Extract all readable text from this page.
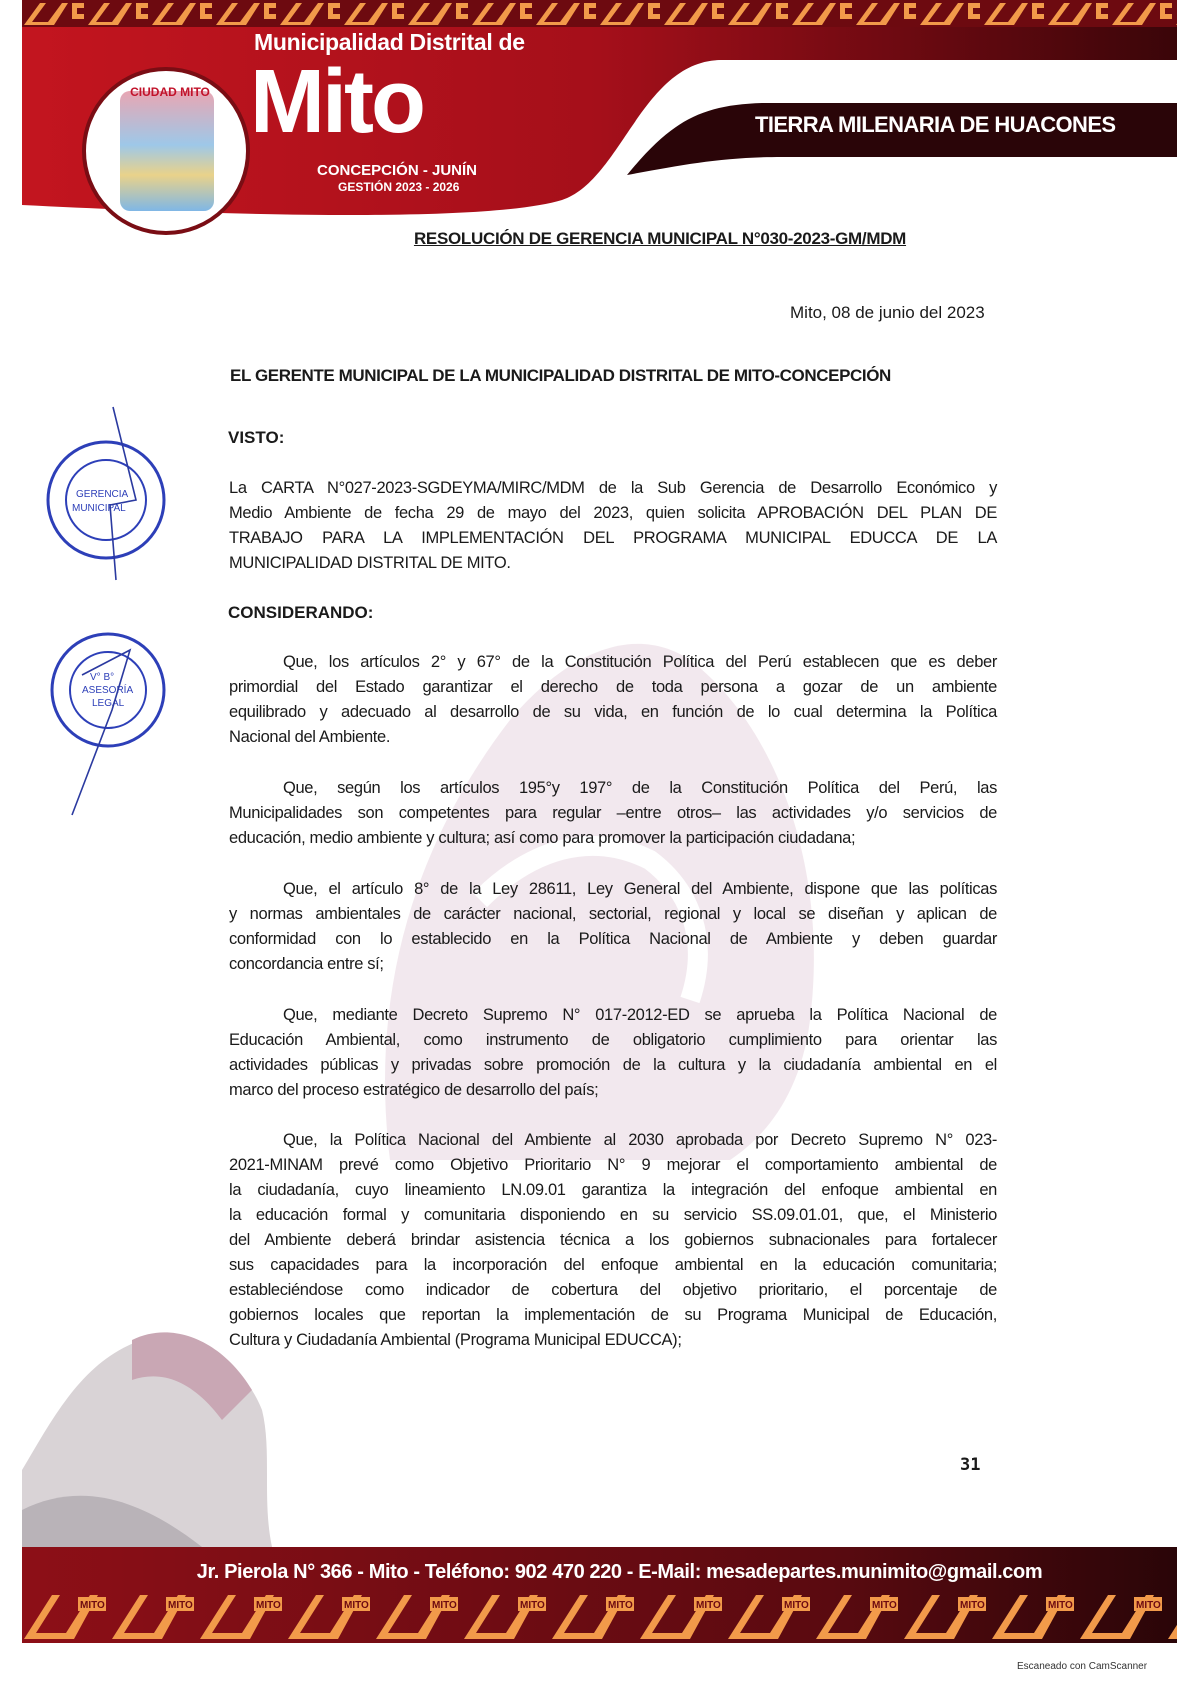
CIUDAD MITO
Municipalidad Distrital de
Mito
CONCEPCIÓN - JUNÍN
GESTIÓN 2023 - 2026
TIERRA MILENARIA DE HUACONES
RESOLUCIÓN DE GERENCIA MUNICIPAL N°030-2023-GM/MDM
Mito, 08 de junio del 2023
EL GERENTE MUNICIPAL DE LA MUNICIPALIDAD DISTRITAL DE MITO-CONCEPCIÓN
VISTO:
La CARTA N°027-2023-SGDEYMA/MIRC/MDM de la Sub Gerencia de Desarrollo Económico y
Medio Ambiente de fecha 29 de mayo del 2023, quien solicita APROBACIÓN DEL PLAN DE
TRABAJO PARA LA IMPLEMENTACIÓN DEL PROGRAMA MUNICIPAL EDUCCA DE LA
MUNICIPALIDAD DISTRITAL DE MITO.
CONSIDERANDO:
Que, los artículos 2° y 67° de la Constitución Política del Perú establecen que es deber
primordial del Estado garantizar el derecho de toda persona a gozar de un ambiente
equilibrado y adecuado al desarrollo de su vida, en función de lo cual determina la Política
Nacional del Ambiente.
Que, según los artículos 195°y 197° de la Constitución Política del Perú, las
Municipalidades son competentes para regular –entre otros– las actividades y/o servicios de
educación, medio ambiente y cultura; así como para promover la participación ciudadana;
Que, el artículo 8° de la Ley 28611, Ley General del Ambiente, dispone que las políticas
y normas ambientales de carácter nacional, sectorial, regional y local se diseñan y aplican de
conformidad con lo establecido en la Política Nacional de Ambiente y deben guardar
concordancia entre sí;
Que, mediante Decreto Supremo N° 017-2012-ED se aprueba la Política Nacional de
Educación Ambiental, como instrumento de obligatorio cumplimiento para orientar las
actividades públicas y privadas sobre promoción de la cultura y la ciudadanía ambiental en el
marco del proceso estratégico de desarrollo del país;
Que, la Política Nacional del Ambiente al 2030 aprobada por Decreto Supremo N° 023-
2021-MINAM prevé como Objetivo Prioritario N° 9 mejorar el comportamiento ambiental de
la ciudadanía, cuyo lineamiento LN.09.01 garantiza la integración del enfoque ambiental en
la educación formal y comunitaria disponiendo en su servicio SS.09.01.01, que, el Ministerio
del Ambiente deberá brindar asistencia técnica a los gobiernos subnacionales para fortalecer
sus capacidades para la incorporación del enfoque ambiental en la educación comunitaria;
estableciéndose como indicador de cobertura del objetivo prioritario, el porcentaje de
gobiernos locales que reportan la implementación de su Programa Municipal de Educación,
Cultura y Ciudadanía Ambiental (Programa Municipal EDUCCA);
31
GERENCIA
MUNICIPAL
V° B°
ASESORÍA
LEGAL
Jr. Pierola N° 366 - Mito - Teléfono: 902 470 220 - E-Mail: mesadepartes.munimito@gmail.com
Escaneado con CamScanner
